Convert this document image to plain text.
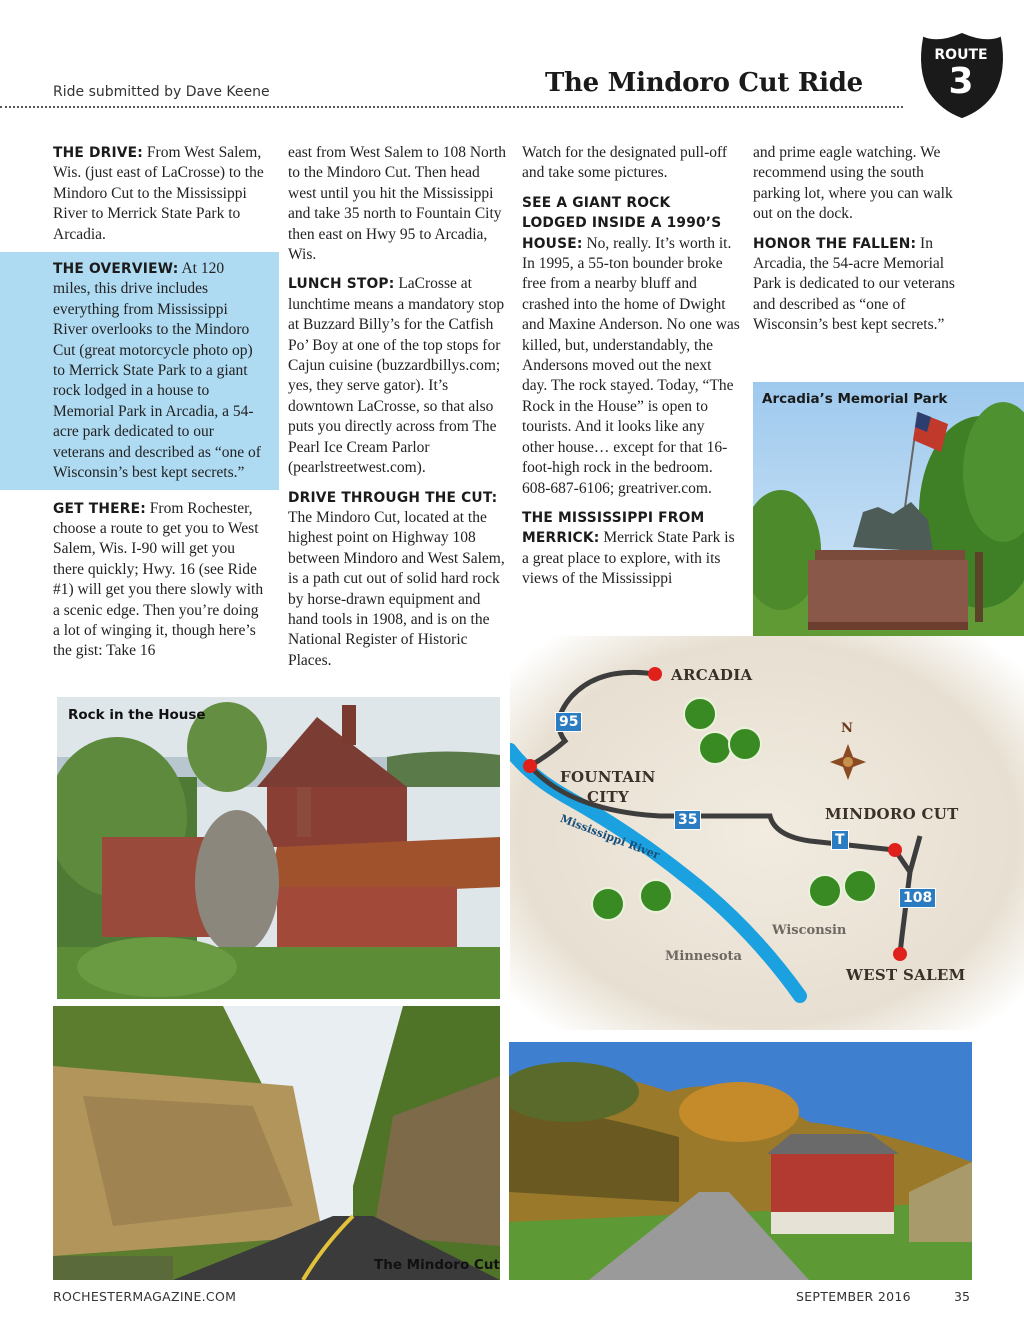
Ride submitted by Dave Keene	The Mindoro Cut Ride
ROUTE
3

THE DRIVE: From West Salem, Wis. (just east of LaCrosse) to the Mindoro Cut to the Mississippi River to Merrick State Park to Arcadia.

THE OVERVIEW: At 120 miles, this drive includes everything from Mississippi River overlooks to the Mindoro Cut (great motorcycle photo op) to Merrick State Park to a giant rock lodged in a house to Memorial Park in Arcadia, a 54-acre park dedicated to our veterans and described as “one of Wisconsin’s best kept secrets.”

GET THERE: From Rochester, choose a route to get you to West Salem, Wis. I-90 will get you there quickly; Hwy. 16 (see Ride #1) will get you there slowly with a scenic edge. Then you’re doing a lot of winging it, though here’s the gist: Take 16

east from West Salem to 108 North to the Mindoro Cut. Then head west until you hit the Mississippi and take 35 north to Fountain City then east on Hwy 95 to Arcadia, Wis.

LUNCH STOP: LaCrosse at lunchtime means a mandatory stop at Buzzard Billy’s for the Catfish Po’ Boy at one of the top stops for Cajun cuisine (buzzardbillys.com; yes, they serve gator). It’s downtown LaCrosse, so that also puts you directly across from The Pearl Ice Cream Parlor (pearlstreetwest.com).

DRIVE THROUGH THE CUT: The Mindoro Cut, located at the highest point on Highway 108 between Mindoro and West Salem, is a path cut out of solid hard rock by horse-drawn equipment and hand tools in 1908, and is on the National Register of Historic Places.

Watch for the designated pull-off and take some pictures.

SEE A GIANT ROCK LODGED INSIDE A 1990’S HOUSE: No, really. It’s worth it. In 1995, a 55-ton bounder broke free from a nearby bluff and crashed into the home of Dwight and Maxine Anderson. No one was killed, but, understandably, the Andersons moved out the next day. The rock stayed. Today, “The Rock in the House” is open to tourists. And it looks like any other house… except for that 16-foot-high rock in the bedroom. 608-687-6106; greatriver.com.

THE MISSISSIPPI FROM MERRICK: Merrick State Park is a great place to explore, with its views of the Mississippi

and prime eagle watching. We recommend using the south parking lot, where you can walk out on the dock.

HONOR THE FALLEN: In Arcadia, the 54-acre Memorial Park is dedicated to our veterans and described as “one of Wisconsin’s best kept secrets.”

Arcadia’s Memorial Park
ARCADIA
FOUNTAIN
CITY
MINDORO CUT
WEST SALEM
Wisconsin
Minnesota
Mississippi River
N
95
35
T
108
Rock in the House
The Mindoro Cut
ROCHESTERMAGAZINE.COM	SEPTEMBER 2016	35
